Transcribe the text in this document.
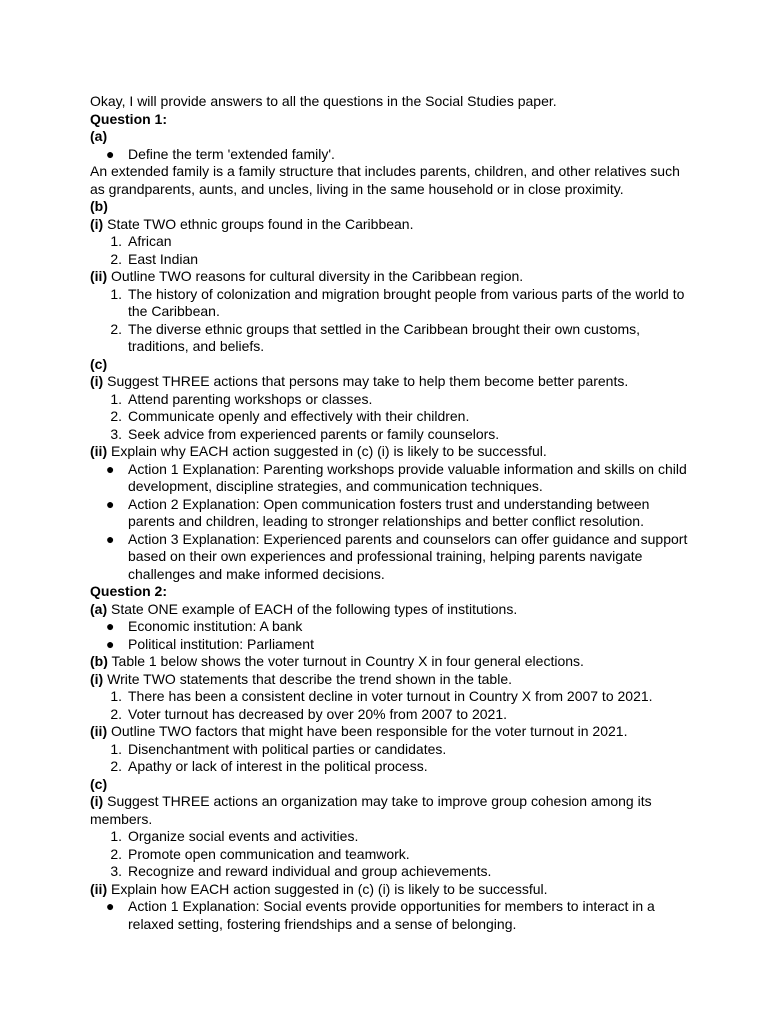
Okay, I will provide answers to all the questions in the Social Studies paper.

Question 1:

(a)

● Define the term 'extended family'.

An extended family is a family structure that includes parents, children, and other relatives such as grandparents, aunts, and uncles, living in the same household or in close proximity.

(b)

(i) State TWO ethnic groups found in the Caribbean.

1. African
2. East Indian

(ii) Outline TWO reasons for cultural diversity in the Caribbean region.

1. The history of colonization and migration brought people from various parts of the world to the Caribbean.
2. The diverse ethnic groups that settled in the Caribbean brought their own customs, traditions, and beliefs.

(c)

(i) Suggest THREE actions that persons may take to help them become better parents.

1. Attend parenting workshops or classes.
2. Communicate openly and effectively with their children.
3. Seek advice from experienced parents or family counselors.

(ii) Explain why EACH action suggested in (c) (i) is likely to be successful.

● Action 1 Explanation: Parenting workshops provide valuable information and skills on child development, discipline strategies, and communication techniques.
● Action 2 Explanation: Open communication fosters trust and understanding between parents and children, leading to stronger relationships and better conflict resolution.
● Action 3 Explanation: Experienced parents and counselors can offer guidance and support based on their own experiences and professional training, helping parents navigate challenges and make informed decisions.

Question 2:

(a) State ONE example of EACH of the following types of institutions.

● Economic institution: A bank
● Political institution: Parliament

(b) Table 1 below shows the voter turnout in Country X in four general elections.

(i) Write TWO statements that describe the trend shown in the table.

1. There has been a consistent decline in voter turnout in Country X from 2007 to 2021.
2. Voter turnout has decreased by over 20% from 2007 to 2021.

(ii) Outline TWO factors that might have been responsible for the voter turnout in 2021.

1. Disenchantment with political parties or candidates.
2. Apathy or lack of interest in the political process.

(c)

(i) Suggest THREE actions an organization may take to improve group cohesion among its members.

1. Organize social events and activities.
2. Promote open communication and teamwork.
3. Recognize and reward individual and group achievements.

(ii) Explain how EACH action suggested in (c) (i) is likely to be successful.

● Action 1 Explanation: Social events provide opportunities for members to interact in a relaxed setting, fostering friendships and a sense of belonging.
